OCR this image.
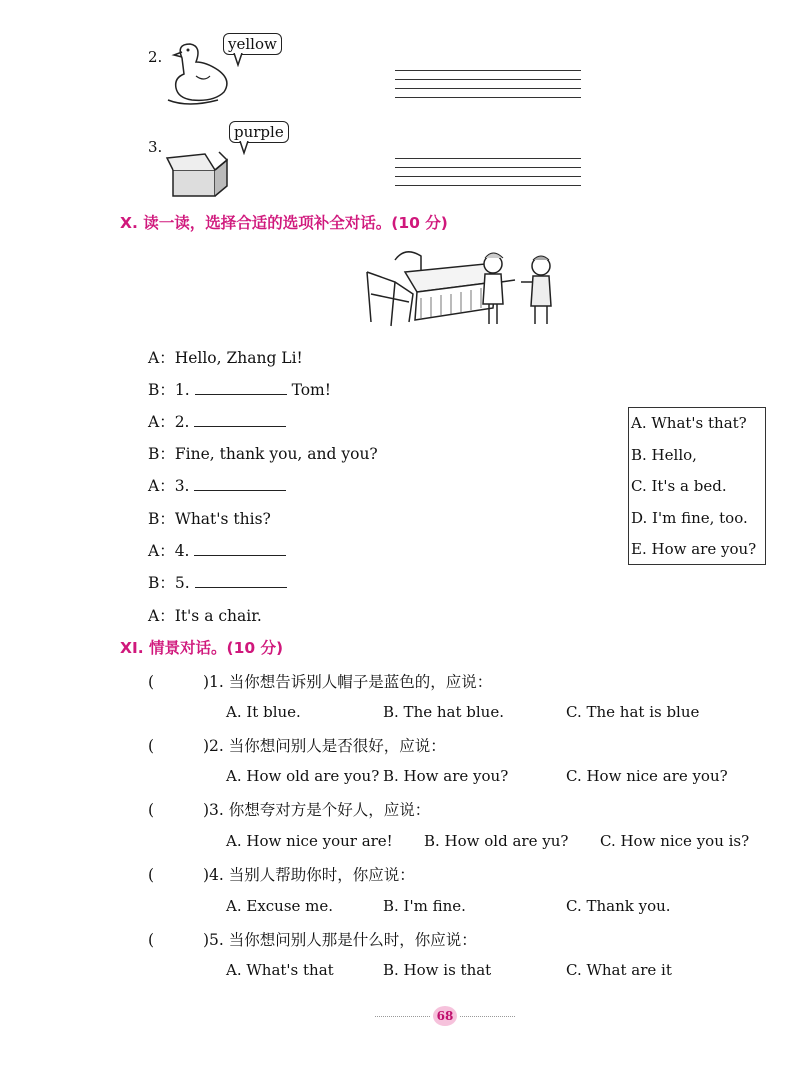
2.
yellow
3.
purple
X. 读一读，选择合适的选项补全对话。(10 分)
A：Hello, Zhang Li!
B：1.	Tom!
A：2.
B：Fine, thank you, and you?
A：3.
B：What's this?
A：4.
B：5.
A：It's a chair.
A. What's that?
B. Hello,
C. It's a bed.
D. I'm fine, too.
E. How are you?
XI. 情景对话。(10 分)
(	)1. 当你想告诉别人帽子是蓝色的，应说：
A. It blue.	B. The hat blue.	C. The hat is blue
(	)2. 当你想问别人是否很好，应说：
A. How old are you? B. How are you?	C. How nice are you?
(	)3. 你想夸对方是个好人，应说：
A. How nice your are! B. How old are yu? C. How nice you is?
(	)4. 当别人帮助你时，你应说：
A. Excuse me.	B. I'm fine.	C. Thank you.
(	)5. 当你想问别人那是什么时，你应说：
A. What's that	B. How is that	C. What are it
68
